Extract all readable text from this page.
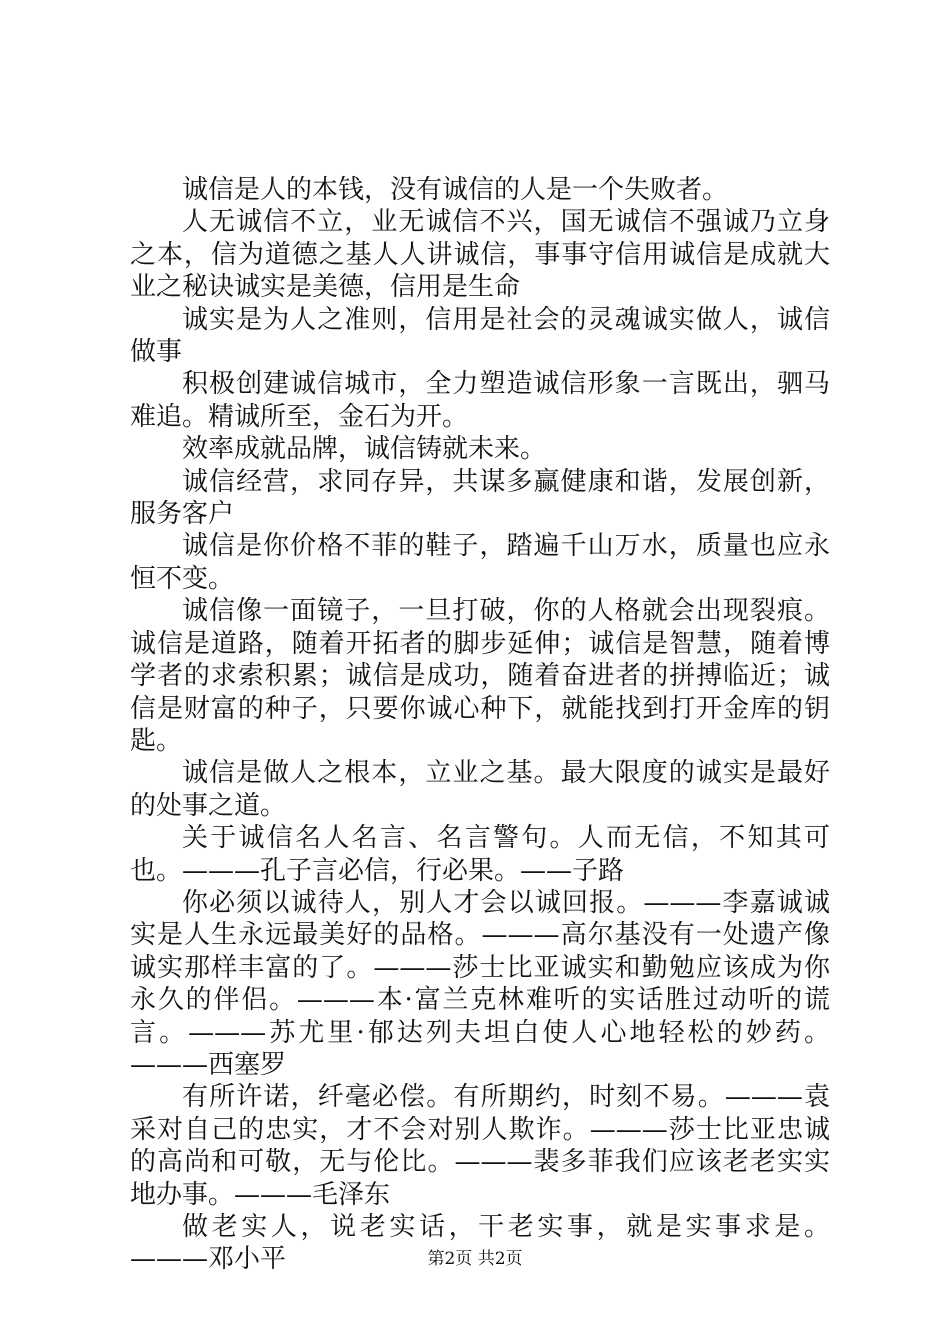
诚信是人的本钱，没有诚信的人是一个失败者。

人无诚信不立，业无诚信不兴，国无诚信不强诚乃立身之本，信为道德之基人人讲诚信，事事守信用诚信是成就大业之秘诀诚实是美德，信用是生命

诚实是为人之准则，信用是社会的灵魂诚实做人，诚信做事

积极创建诚信城市，全力塑造诚信形象一言既出，驷马难追。精诚所至，金石为开。

效率成就品牌，诚信铸就未来。

诚信经营，求同存异，共谋多赢健康和谐，发展创新，服务客户

诚信是你价格不菲的鞋子，踏遍千山万水，质量也应永恒不变。

诚信像一面镜子，一旦打破，你的人格就会出现裂痕。诚信是道路，随着开拓者的脚步延伸；诚信是智慧，随着博学者的求索积累；诚信是成功，随着奋进者的拼搏临近；诚信是财富的种子，只要你诚心种下，就能找到打开金库的钥匙。

诚信是做人之根本，立业之基。最大限度的诚实是最好的处事之道。

关于诚信名人名言、名言警句。人而无信，不知其可也。———孔子言必信，行必果。——子路

你必须以诚待人，别人才会以诚回报。———李嘉诚诚实是人生永远最美好的品格。———高尔基没有一处遗产像诚实那样丰富的了。———莎士比亚诚实和勤勉应该成为你永久的伴侣。———本·富兰克林难听的实话胜过动听的谎言。———苏尤里·郁达列夫坦白使人心地轻松的妙药。———西塞罗

有所许诺，纤毫必偿。有所期约，时刻不易。———袁采对自己的忠实，才不会对别人欺诈。———莎士比亚忠诚的高尚和可敬，无与伦比。———裴多菲我们应该老老实实地办事。———毛泽东

做老实人，说老实话，干老实事，就是实事求是。———邓小平	第2页 共2页
